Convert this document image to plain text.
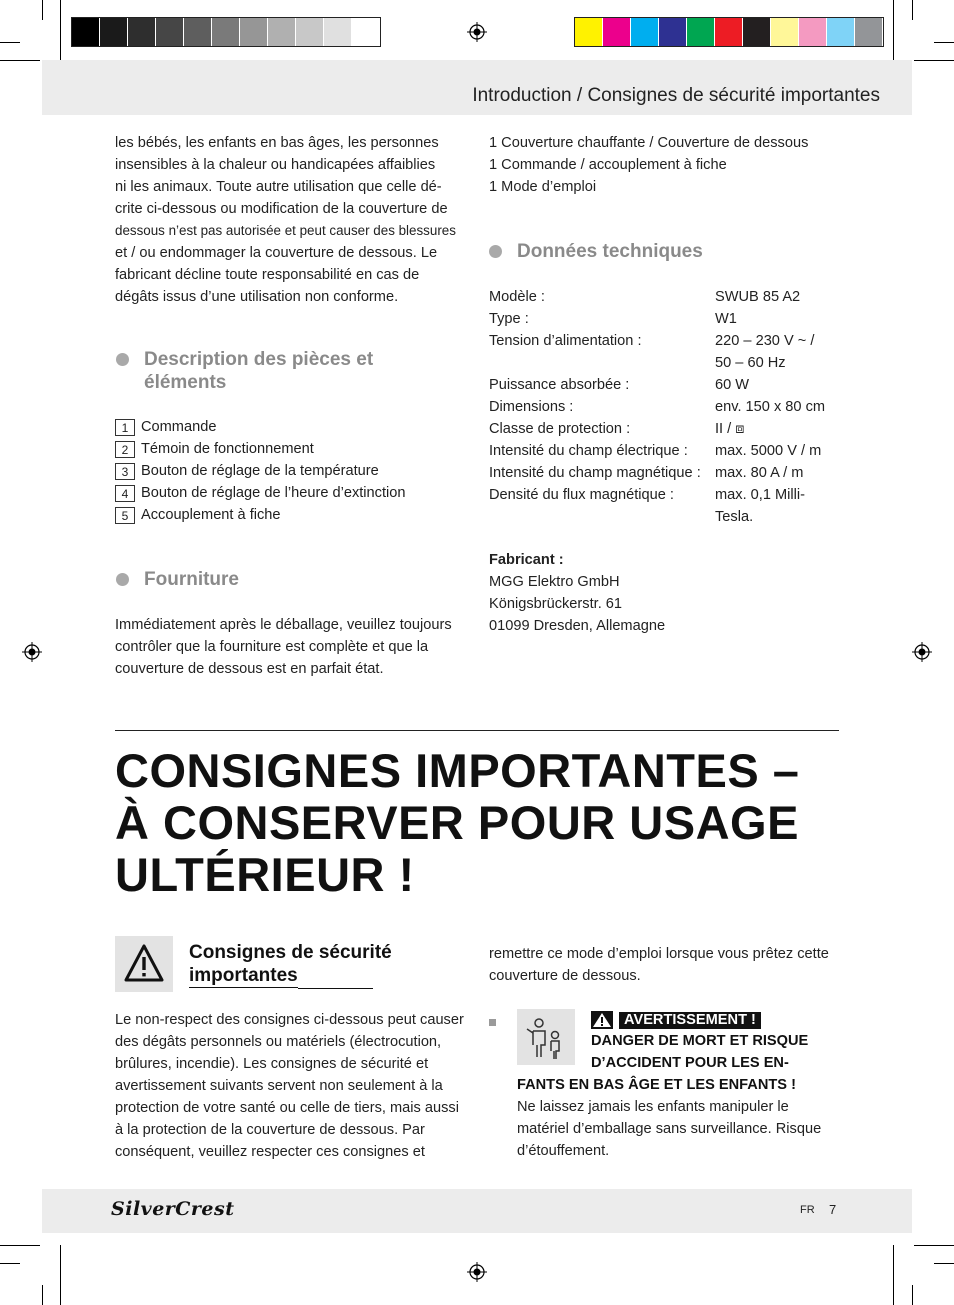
Introduction / Consignes de sécurité importantes

les bébés, les enfants en bas âges, les personnes

insensibles à la chaleur ou handicapées affaiblies

ni les animaux. Toute autre utilisation que celle dé-

crite ci-dessous ou modification de la couverture de

dessous n’est pas autorisée et peut causer des blessures

et / ou endommager la couverture de dessous. Le

fabricant décline toute responsabilité en cas de

dégâts issus d’une utilisation non conforme.

Description des pièces et
éléments
1 Commande
2 Témoin de fonctionnement
3 Bouton de réglage de la température
4 Bouton de réglage de l’heure d’extinction
5 Accouplement à fiche
Fourniture

Immédiatement après le déballage, veuillez toujours

contrôler que la fourniture est complète et que la

couverture de dessous est en parfait état.

1 Couverture chauffante / Couverture de dessous

1 Commande / accouplement à fiche

1 Mode d’emploi

Données techniques
Modèle :	SWUB 85 A2
Type :	W1
Tension d’alimentation :	220 – 230 V ~ /
50 – 60 Hz
Puissance absorbée :	60 W
Dimensions :	env. 150 x 80 cm
Classe de protection :	II / ⧈
Intensité du champ électrique :	max. 5000 V / m
Intensité du champ magnétique : max. 80 A / m
Densité du flux magnétique :	max. 0,1 Milli-
Tesla.

Fabricant :

MGG Elektro GmbH

Königsbrückerstr. 61

01099 Dresden, Allemagne

CONSIGNES IMPORTANTES –
À CONSERVER POUR USAGE
ULTÉRIEUR !
Consignes de sécurité
importantes

Le non-respect des consignes ci-dessous peut causer

des dégâts personnels ou matériels (électrocution,

brûlures, incendie). Les consignes de sécurité et

avertissement suivants servent non seulement à la

protection de votre santé ou celle de tiers, mais aussi

à la protection de la couverture de dessous. Par

conséquent, veuillez respecter ces consignes et

remettre ce mode d’emploi lorsque vous prêtez cette

couverture de dessous.

AVERTISSEMENT !
DANGER DE MORT ET RISQUE
D’ACCIDENT POUR LES EN-
FANTS EN BAS ÂGE ET LES ENFANTS !

Ne laissez jamais les enfants manipuler le

matériel d’emballage sans surveillance. Risque

d’étouffement.

SilverCrest	FR 7
